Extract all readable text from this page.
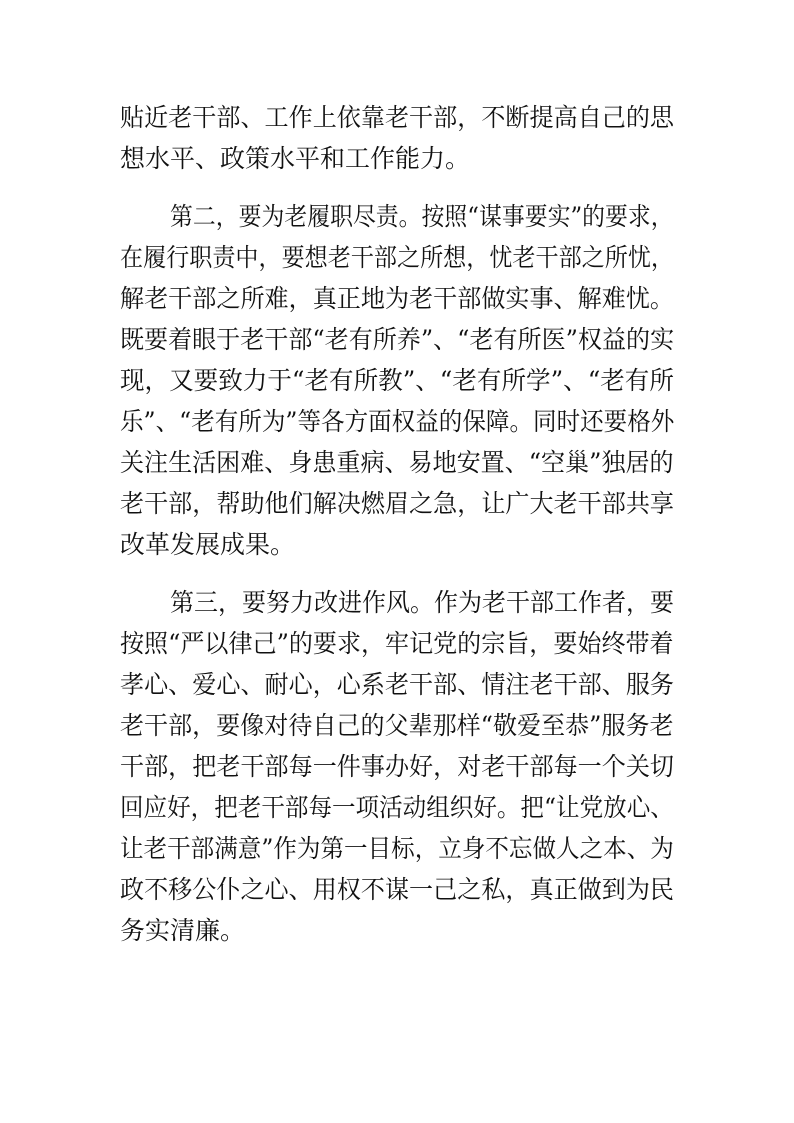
贴近老干部、工作上依靠老干部，不断提高自己的思
想水平、政策水平和工作能力。
第二，要为老履职尽责。按照“谋事要实”的要求，
在履行职责中，要想老干部之所想，忧老干部之所忧，
解老干部之所难，真正地为老干部做实事、解难忧。
既要着眼于老干部“老有所养”、“老有所医”权益的实
现，又要致力于“老有所教”、“老有所学”、“老有所
乐”、“老有所为”等各方面权益的保障。同时还要格外
关注生活困难、身患重病、易地安置、“空巢”独居的
老干部，帮助他们解决燃眉之急，让广大老干部共享
改革发展成果。
第三，要努力改进作风。作为老干部工作者，要
按照“严以律己”的要求，牢记党的宗旨，要始终带着
孝心、爱心、耐心，心系老干部、情注老干部、服务
老干部，要像对待自己的父辈那样“敬爱至恭”服务老
干部，把老干部每一件事办好，对老干部每一个关切
回应好，把老干部每一项活动组织好。把“让党放心、
让老干部满意”作为第一目标，立身不忘做人之本、为
政不移公仆之心、用权不谋一己之私，真正做到为民
务实清廉。
